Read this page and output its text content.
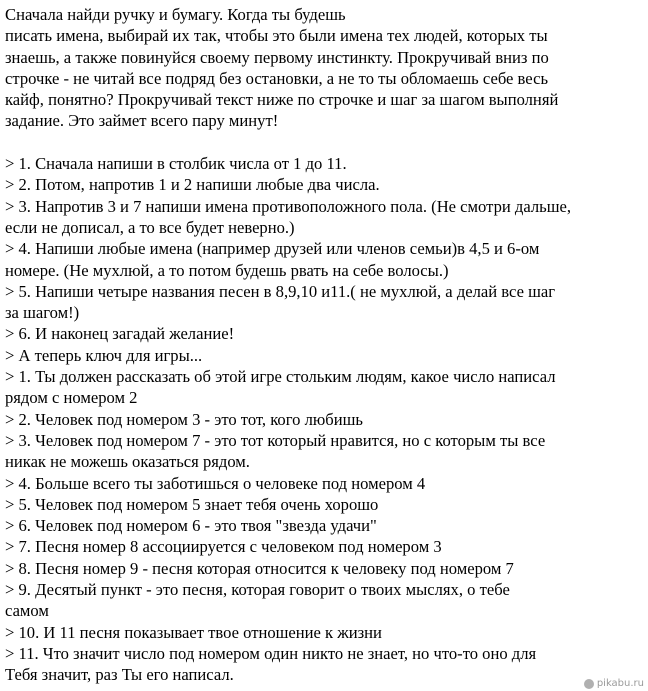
Сначала найди ручку и бумагу. Когда ты будешь
писать имена, выбирай их так, чтобы это были имена тех людей, которых ты
знаешь, а также повинуйся своему первому инстинкту. Прокручивай вниз по
строчке - не читай все подряд без остановки, а не то ты обломаешь себе весь
кайф, понятно? Прокручивай текст ниже по строчке и шаг за шагом выполняй
задание. Это займет всего пару минут!
> 1. Сначала напиши в столбик числа от 1 до 11.
> 2. Потом, напротив 1 и 2 напиши любые два числа.
> 3. Напротив 3 и 7 напиши имена противоположного пола. (Не смотри дальше,
если не дописал, а то все будет неверно.)
> 4. Напиши любые имена (например друзей или членов семьи)в 4,5 и 6-ом
номере. (Не мухлюй, а то потом будешь рвать на себе волосы.)
> 5. Напиши четыре названия песен в 8,9,10 и11.( не мухлюй, а делай все шаг
за шагом!)
> 6. И наконец загадай желание!
> А теперь ключ для игры...
> 1. Ты должен рассказать об этой игре стольким людям, какое число написал
рядом с номером 2
> 2. Человек под номером 3 - это тот, кого любишь
> 3. Человек под номером 7 - это тот который нравится, но с которым ты все
никак не можешь оказаться рядом.
> 4. Больше всего ты заботишься о человеке под номером 4
> 5. Человек под номером 5 знает тебя очень хорошо
> 6. Человек под номером 6 - это твоя "звезда удачи"
> 7. Песня номер 8 ассоциируется с человеком под номером 3
> 8. Песня номер 9 - песня которая относится к человеку под номером 7
> 9. Десятый пункт - это песня, которая говорит о твоих мыслях, о тебе
самом
> 10. И 11 песня показывает твое отношение к жизни
> 11. Что значит число под номером один никто не знает, но что-то оно для
Тебя значит, раз Ты его написал.	pikabu.ru
